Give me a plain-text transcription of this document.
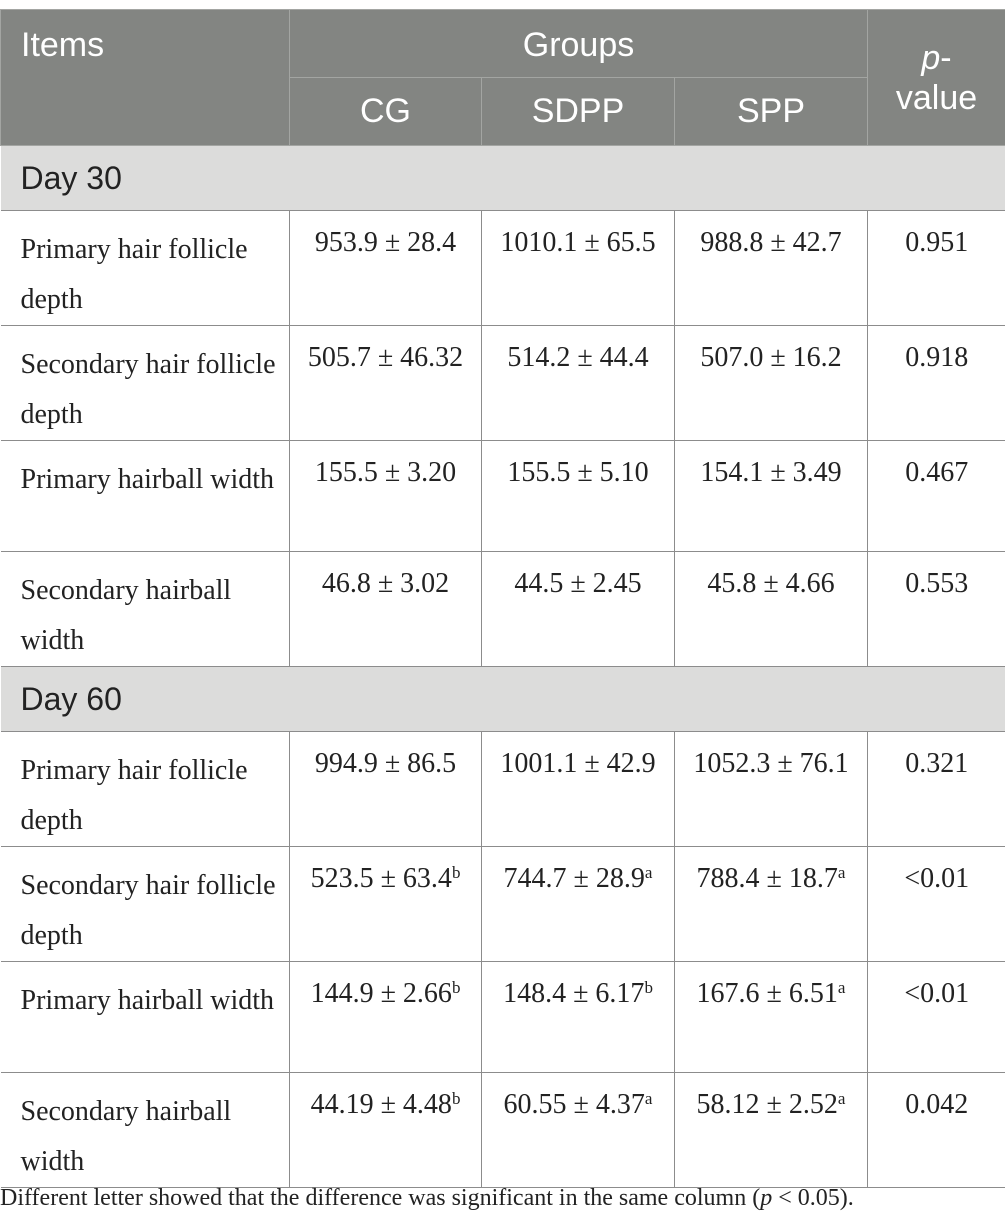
Items	Groups			p-
value
	CG	SDPP	SPP	
Day 30				
Primary hair follicle depth	953.9 ± 28.4	1010.1 ± 65.5	988.8 ± 42.7	0.951
Secondary hair follicle depth	505.7 ± 46.32	514.2 ± 44.4	507.0 ± 16.2	0.918
Primary hairball width	155.5 ± 3.20	155.5 ± 5.10	154.1 ± 3.49	0.467
Secondary hairball width	46.8 ± 3.02	44.5 ± 2.45	45.8 ± 4.66	0.553
Day 60				
Primary hair follicle depth	994.9 ± 86.5	1001.1 ± 42.9	1052.3 ± 76.1	0.321
Secondary hair follicle depth	523.5 ± 63.4$^b$	744.7 ± 28.9$^a$	788.4 ± 18.7$^a$	<0.01
Primary hairball width	144.9 ± 2.66$^b$	148.4 ± 6.17$^b$	167.6 ± 6.51$^a$	<0.01
Secondary hairball width	44.19 ± 4.48$^b$	60.55 ± 4.37$^a$	58.12 ± 2.52$^a$	0.042
Different letter showed that the difference was significant in the same column (p < 0.05).
